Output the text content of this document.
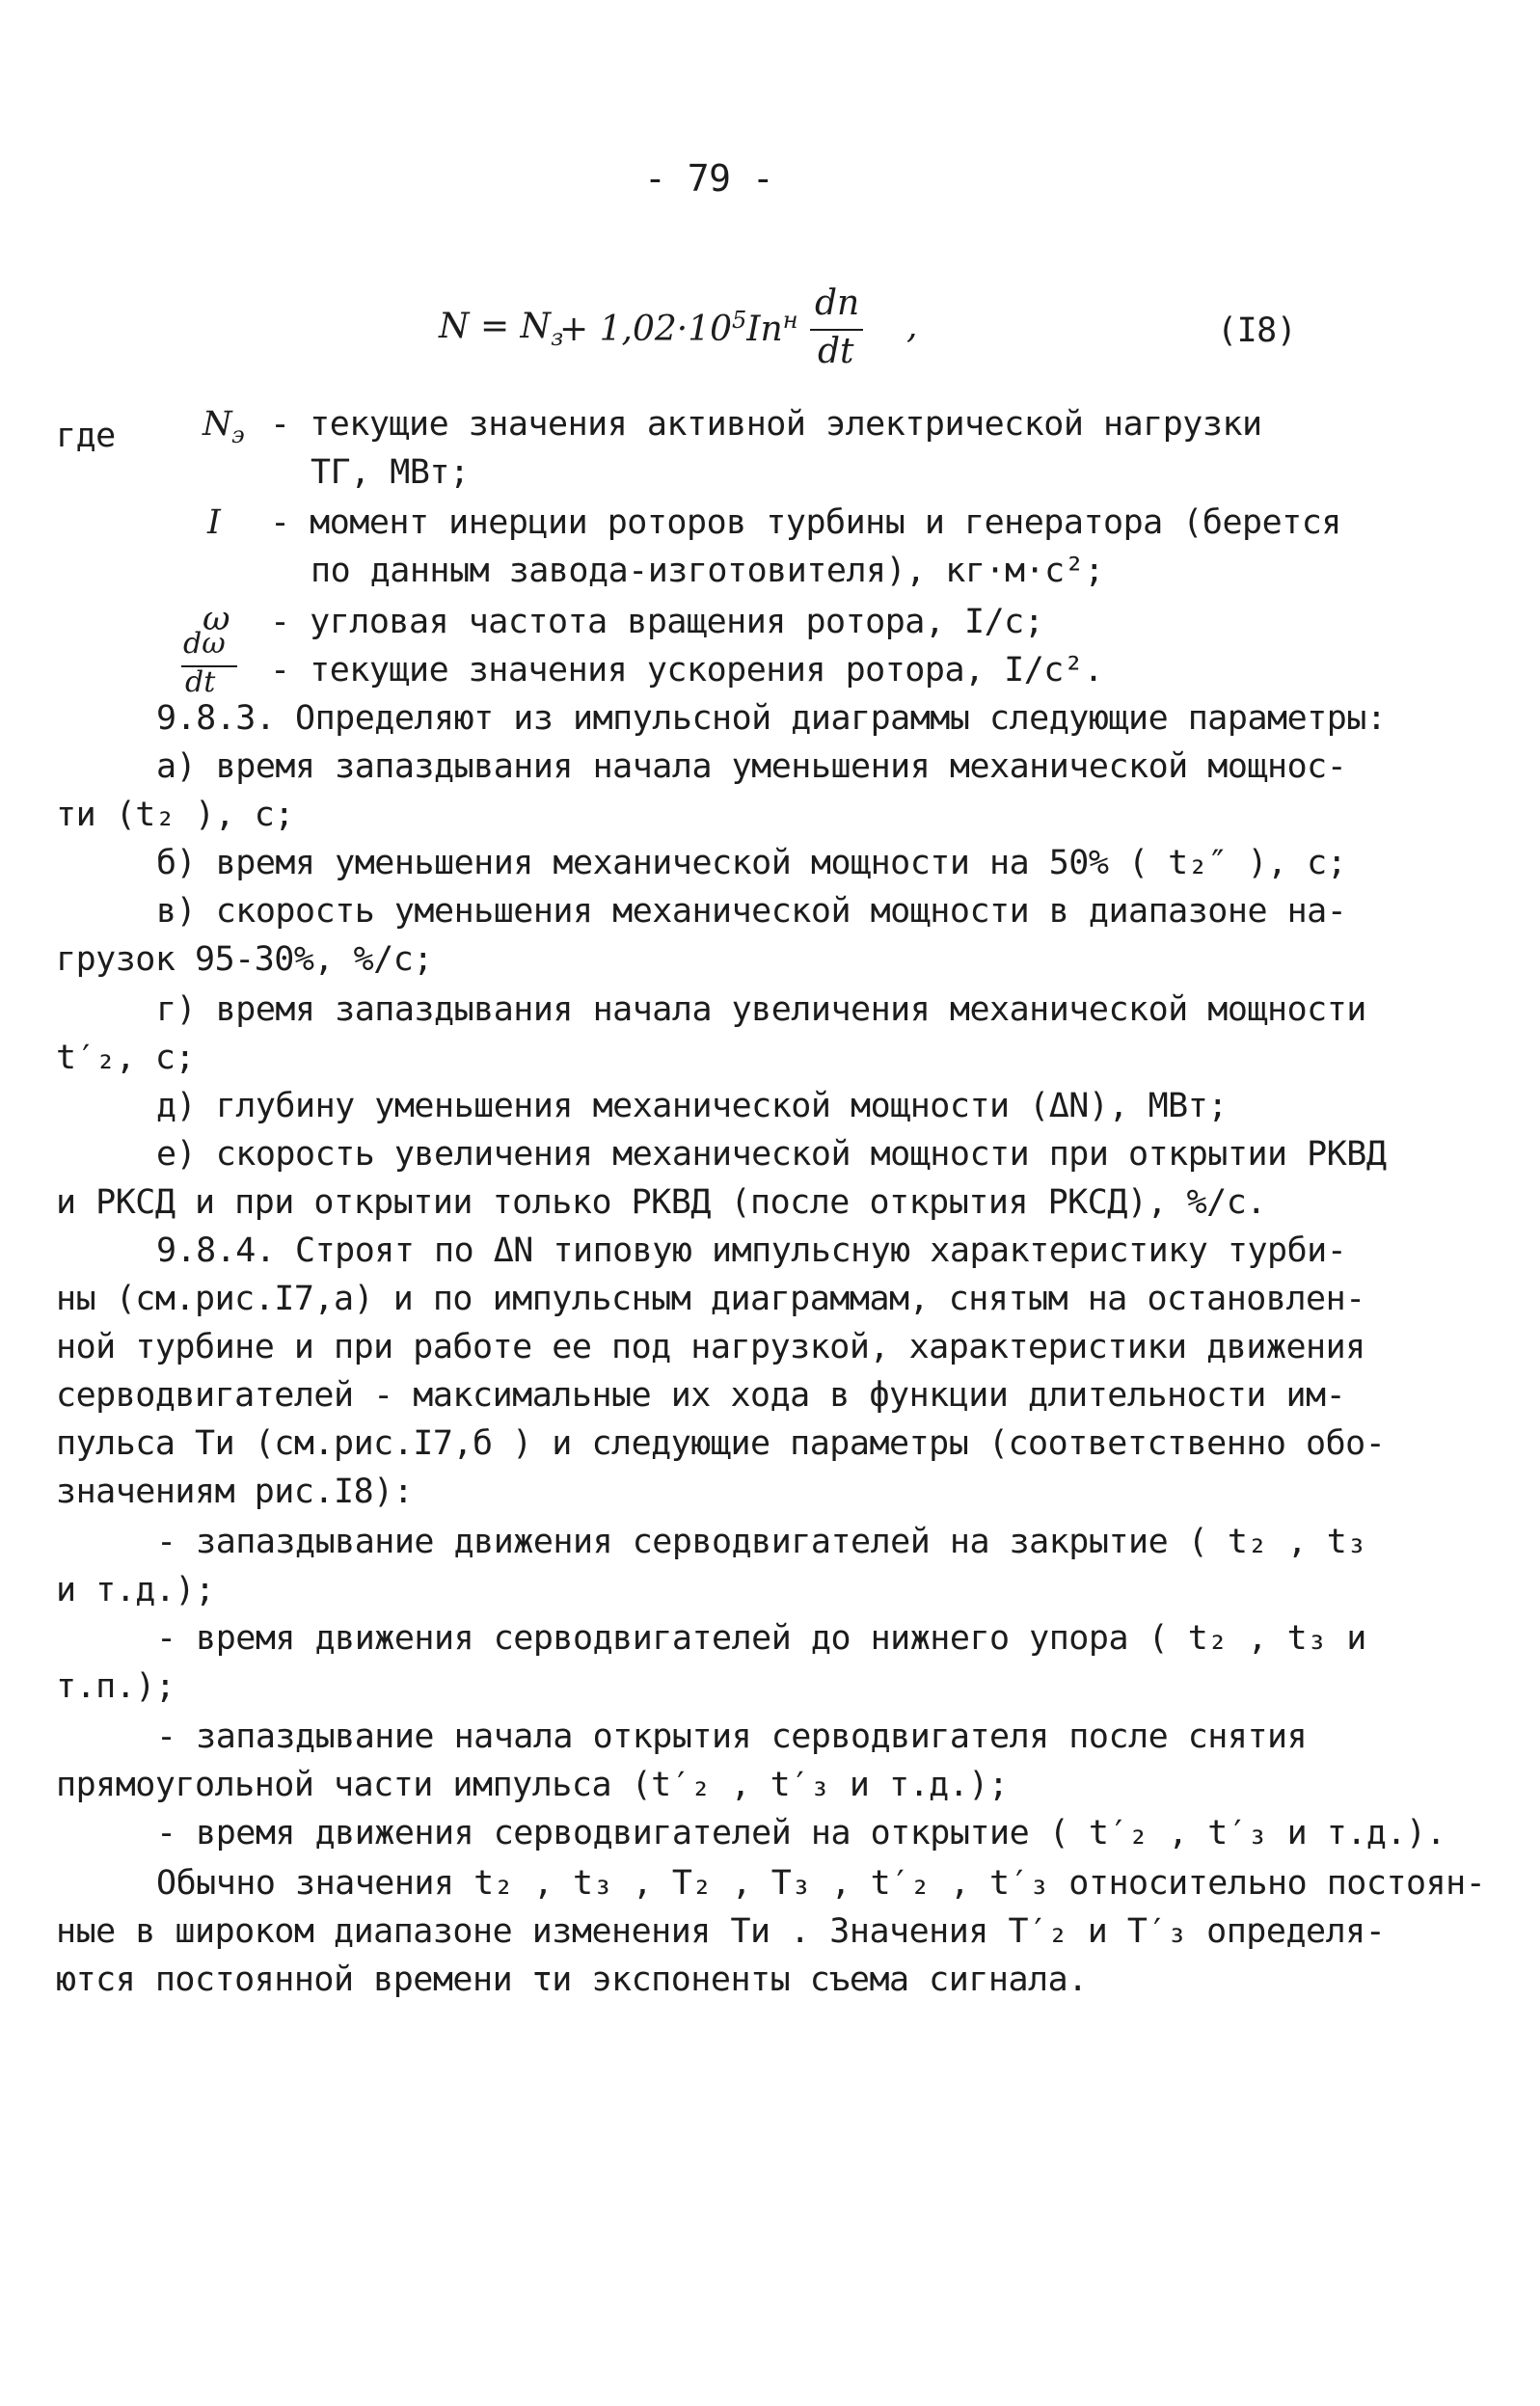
- 79 -
$N = N_з$
+ $1,02\cdot 10^5In^н$ dn
dt
,	(I8)
где	$N_э$ - текущие значения активной электрической нагрузки
ТГ, МВт;
I - момент инерции роторов турбины и генератора (берется
по данным завода-изготовителя), кг·м·с²;
ω - угловая частота вращения ротора, I/с;
dω
dt - текущие значения ускорения ротора, I/с².
9.8.3. Определяют из импульсной диаграммы следующие параметры:
а) время запаздывания начала уменьшения механической мощнос-
ти (t₂ ), с;
б) время уменьшения механической мощности на 50% ( t₂″ ), с;
в) скорость уменьшения механической мощности в диапазоне на-
грузок 95-30%, %/с;
г) время запаздывания начала увеличения механической мощности
t′₂, с;
д) глубину уменьшения механической мощности (ΔN), МВт;
е) скорость увеличения механической мощности при открытии РКВД
и РКСД и при открытии только РКВД (после открытия РКСД), %/с.
9.8.4. Строят по ΔN типовую импульсную характеристику турби-
ны (см.рис.I7,а) и по импульсным диаграммам, снятым на остановлен-
ной турбине и при работе ее под нагрузкой, характеристики движения
серводвигателей - максимальные их хода в функции длительности им-
пульса Tи (см.рис.I7,б ) и следующие параметры (соответственно обо-
значениям рис.I8):
- запаздывание движения серводвигателей на закрытие ( t₂ , t₃
и т.д.);
- время движения серводвигателей до нижнего упора ( t₂ , t₃ и
т.п.);
- запаздывание начала открытия серводвигателя после снятия
прямоугольной части импульса (t′₂ , t′₃ и т.д.);
- время движения серводвигателей на открытие ( t′₂ , t′₃ и т.д.).
Обычно значения t₂ , t₃ , T₂ , T₃ , t′₂ , t′₃ относительно постоян-
ные в широком диапазоне изменения Tи . Значения T′₂ и T′₃ определя-
ются постоянной времени τи экспоненты съема сигнала.
